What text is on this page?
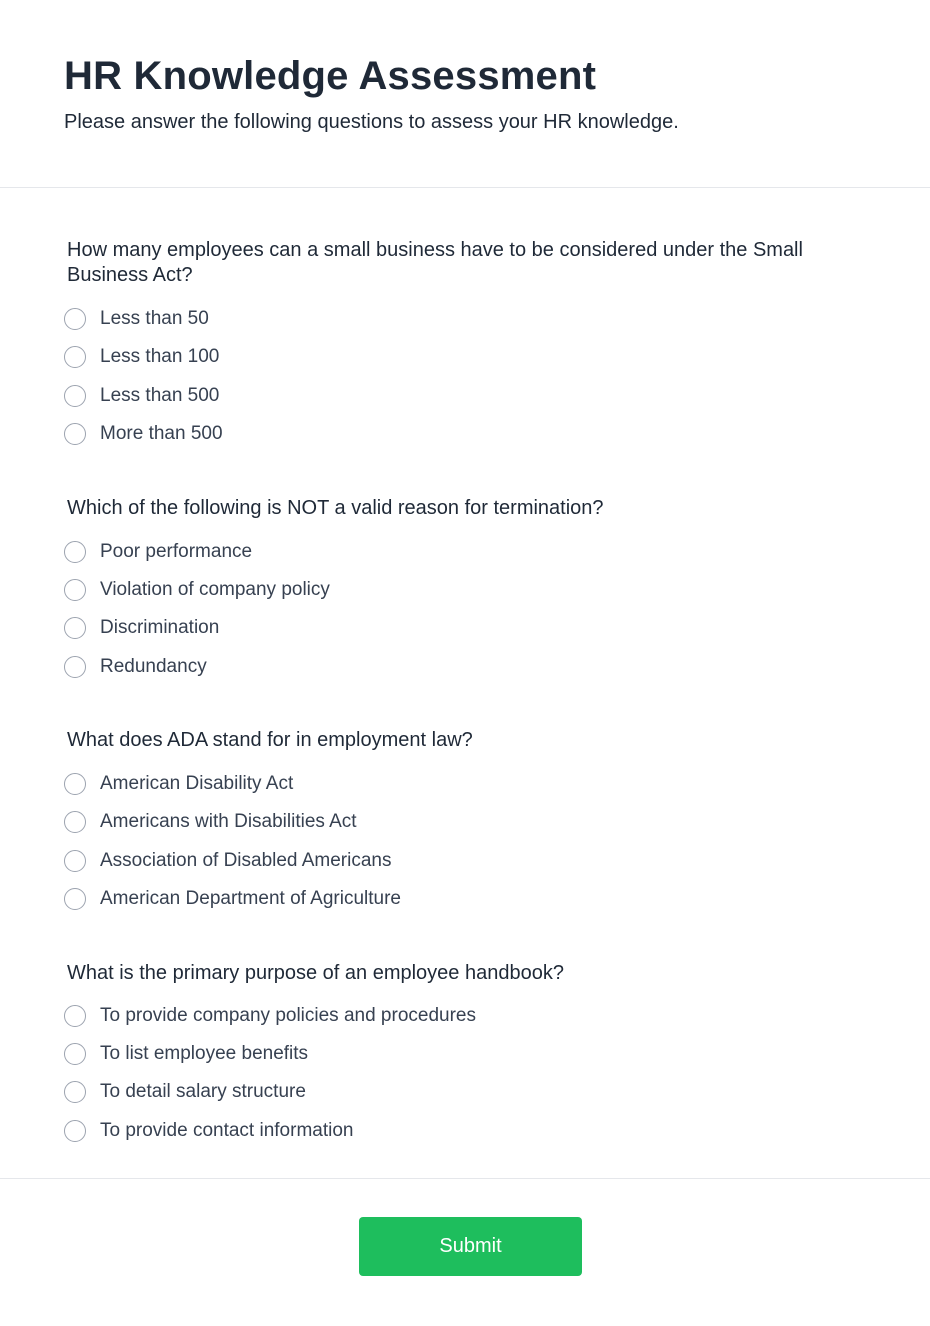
HR Knowledge Assessment

Please answer the following questions to assess your HR knowledge.

How many employees can a small business have to be considered under the Small Business Act?

Less than 50
Less than 100
Less than 500
More than 500

Which of the following is NOT a valid reason for termination?

Poor performance
Violation of company policy
Discrimination
Redundancy

What does ADA stand for in employment law?

American Disability Act
Americans with Disabilities Act
Association of Disabled Americans
American Department of Agriculture

What is the primary purpose of an employee handbook?

To provide company policies and procedures
To list employee benefits
To detail salary structure
To provide contact information
Submit
